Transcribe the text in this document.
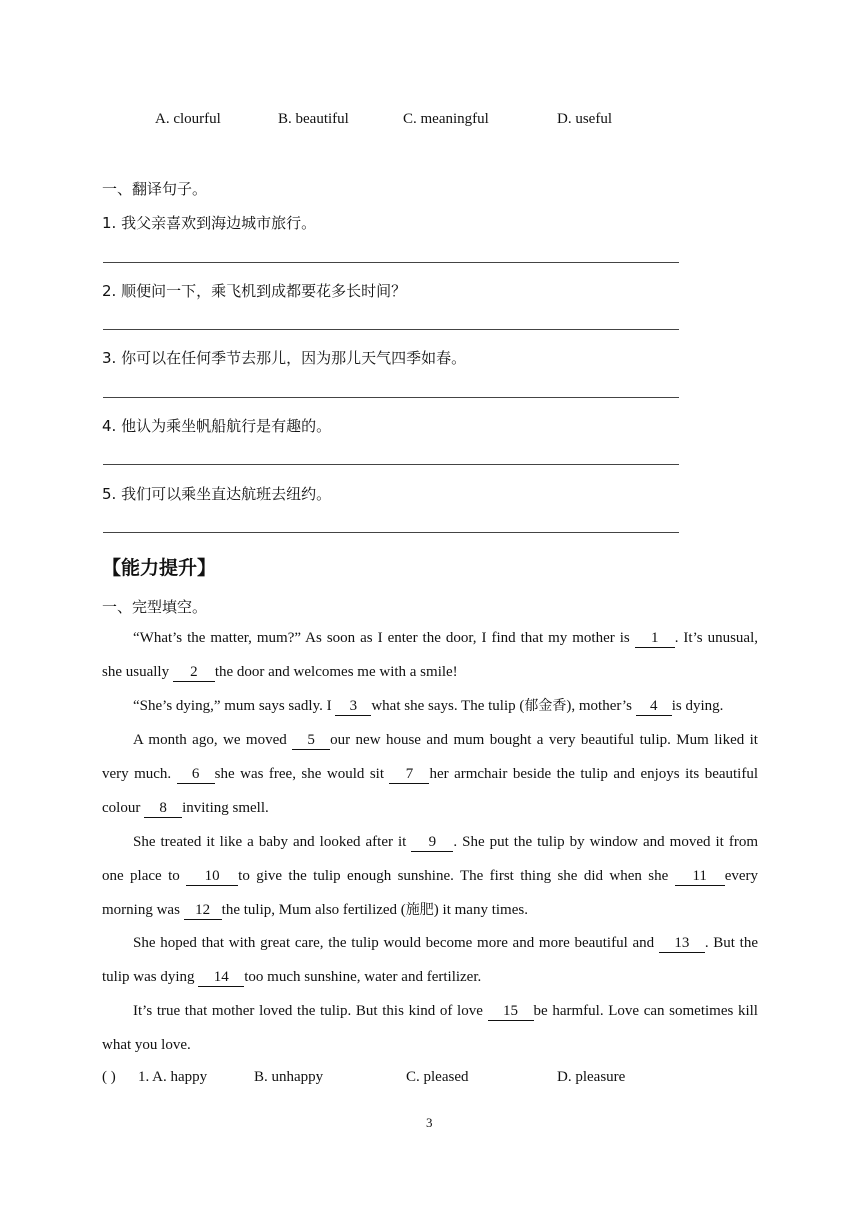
A. clourful	B. beautiful	C. meaningful	D. useful
一、翻译句子。
1. 我父亲喜欢到海边城市旅行。
2. 顺便问一下，乘飞机到成都要花多长时间？
3. 你可以在任何季节去那儿，因为那儿天气四季如春。
4. 他认为乘坐帆船航行是有趣的。
5. 我们可以乘坐直达航班去纽约。
【能力提升】
一、完型填空。
“What’s the matter, mum?” As soon as I enter the door, I find that my mother is 1 . It’s unusual, she usually 2 the door and welcomes me with a smile!
“She’s dying,” mum says sadly. I 3 what she says. The tulip (郁金香), mother’s 4 is dying.
A month ago, we moved 5 our new house and mum bought a very beautiful tulip. Mum liked it very much. 6 she was free, she would sit 7 her armchair beside the tulip and enjoys its beautiful colour 8 inviting smell.
She treated it like a baby and looked after it 9 . She put the tulip by window and moved it from one place to 10 to give the tulip enough sunshine. The first thing she did when she 11 every morning was 12 the tulip, Mum also fertilized (施肥) it many times.
She hoped that with great care, the tulip would become more and more beautiful and 13 . But the tulip was dying 14 too much sunshine, water and fertilizer.
It’s true that mother loved the tulip. But this kind of love 15 be harmful. Love can sometimes kill what you love.
( ) 1. A. happy	B. unhappy	C. pleased	D. pleasure
3
